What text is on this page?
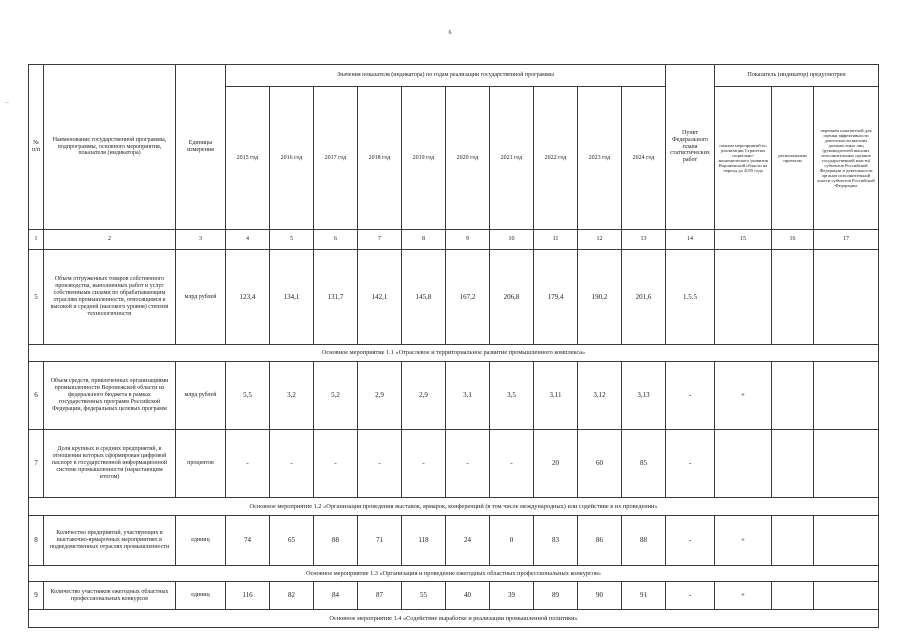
6
--
№
п/п	Наименование государственной программы, подпрограммы, основного мероприятия, показателя (индикатора)	Единицы измерения	Значения показателя (индикатора) по годам реализации государственной программы										Пункт Федерального плана статистических работ	Показатель (индикатор) предусмотрен		
			2015 год	2016 год	2017 год	2018 год	2019 год	2020 год	2021 год	2022 год	2023 год	2024 год		планом мероприятий по реализации Стратегии социально-экономического развития Воронежской области на период до 2035 года	региональным проектом	перечнем показателей для оценки эффективности деятельности высших должностных лиц (руководителей высших исполнительных органов государственной власти) субъектов Российской Федерации и деятельности органов исполнительной власти субъектов Российской Федерации
1	2	3	4	5	6	7	8	9	10	11	12	13	14	15	16	17
5	Объем отгруженных товаров собственного производства, выполненных работ и услуг собственными силами по обрабатывающим отраслям промышленности, относящимся к высокой и средней (высокого уровня) степени технологичности	млрд рублей	123,4	134,1	131,7	142,1	145,8	167,2	206,8	179,4	190,2	201,6	1.5.5			
Основное мероприятие 1.1 «Отраслевое и территориальное развитие промышленного комплекса»																
6	Объем средств, привлеченных организациями промышленности Воронежской области из федерального бюджета в рамках государственных программ Российской Федерации, федеральных целевых программ	млрд рублей	5,5	3,2	5,2	2,9	2,9	3,1	3,5	3,11	3,12	3,13	-	+		
7	Доля крупных и средних предприятий, в отношении которых сформирован цифровой паспорт в государственной информационной системе промышленности (нарастающим итогом)	процентов	-	-	-	-	-	-	-	20	60	85	-			
Основное мероприятие 1.2 «Организация проведения выставок, ярмарок, конференций (в том числе международных) или содействие в их проведении»																
8	Количество предприятий, участвующих в выставочно-ярмарочных мероприятиях в подведомственных отраслях промышленности	единиц	74	65	88	71	118	24	0	83	86	88	-	+		
Основное мероприятие 1.3 «Организация и проведение ежегодных областных профессиональных конкурсов»																
9	Количество участников ежегодных областных профессиональных конкурсов	единиц	116	82	84	87	55	40	39	89	90	91	-	+		
Основное мероприятие 1.4 «Содействие выработке и реализации промышленной политики»																
